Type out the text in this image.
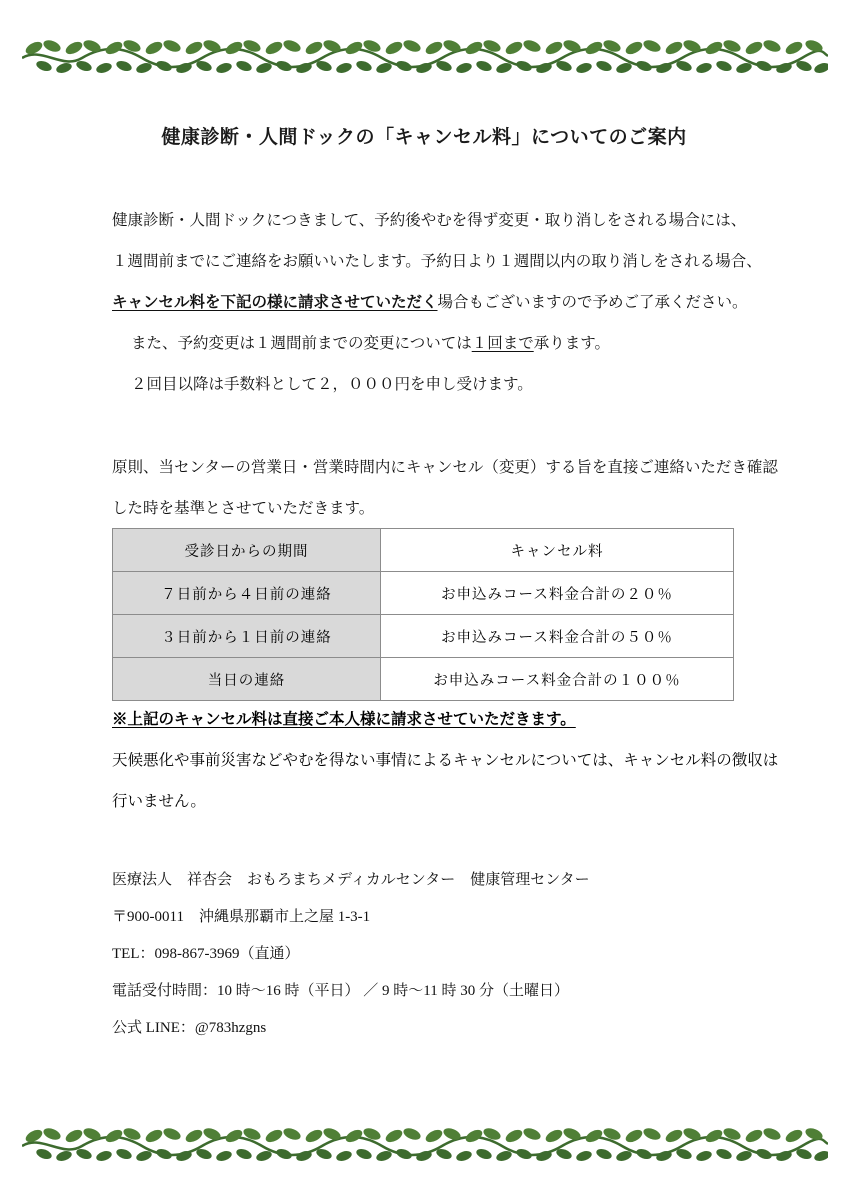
健康診断・人間ドックの「キャンセル料」についてのご案内
健康診断・人間ドックにつきまして、予約後やむを得ず変更・取り消しをされる場合には、
１週間前までにご連絡をお願いいたします。予約日より１週間以内の取り消しをされる場合、
キャンセル料を下記の様に請求させていただく場合もございますので予めご了承ください。
また、予約変更は１週間前までの変更については１回まで承ります。
２回目以降は手数料として２，０００円を申し受けます。
原則、当センターの営業日・営業時間内にキャンセル（変更）する旨を直接ご連絡いただき確認
した時を基準とさせていただきます。
受診日からの期間	キャンセル料
７日前から４日前の連絡	お申込みコース料金合計の２０％
３日前から１日前の連絡	お申込みコース料金合計の５０％
当日の連絡	お申込みコース料金合計の１００％
※上記のキャンセル料は直接ご本人様に請求させていただきます。
天候悪化や事前災害などやむを得ない事情によるキャンセルについては、キャンセル料の徴収は
行いません。
医療法人　祥杏会　おもろまちメディカルセンター　健康管理センター
〒900-0011　沖縄県那覇市上之屋 1-3-1
TEL：098-867-3969（直通）
電話受付時間：10 時〜16 時（平日） ／ 9 時〜11 時 30 分（土曜日）
公式 LINE：@783hzgns
